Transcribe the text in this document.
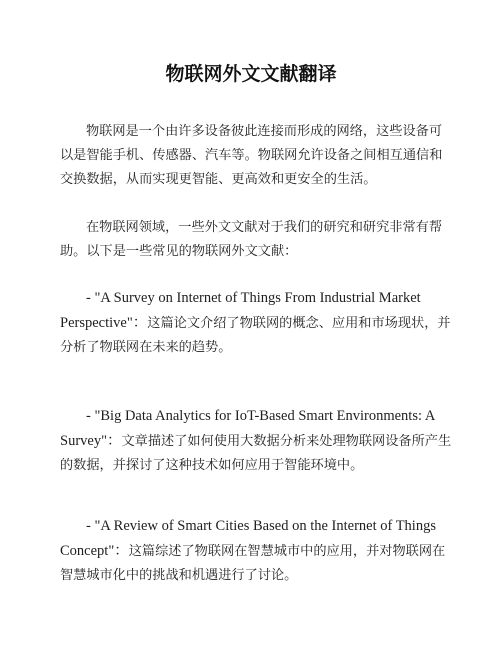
物联网外文文献翻译

物联网是一个由许多设备彼此连接而形成的网络，这些设备可以是智能手机、传感器、汽车等。物联网允许设备之间相互通信和交换数据，从而实现更智能、更高效和更安全的生活。

在物联网领域，一些外文文献对于我们的研究和研究非常有帮助。以下是一些常见的物联网外文文献：

- "A Survey on Internet of Things From Industrial Market Perspective"：这篇论文介绍了物联网的概念、应用和市场现状，并分析了物联网在未来的趋势。

- "Big Data Analytics for IoT-Based Smart Environments: A Survey"：文章描述了如何使用大数据分析来处理物联网设备所产生的数据，并探讨了这种技术如何应用于智能环境中。

- "A Review of Smart Cities Based on the Internet of Things Concept"：这篇综述了物联网在智慧城市中的应用，并对物联网在智慧城市化中的挑战和机遇进行了讨论。
